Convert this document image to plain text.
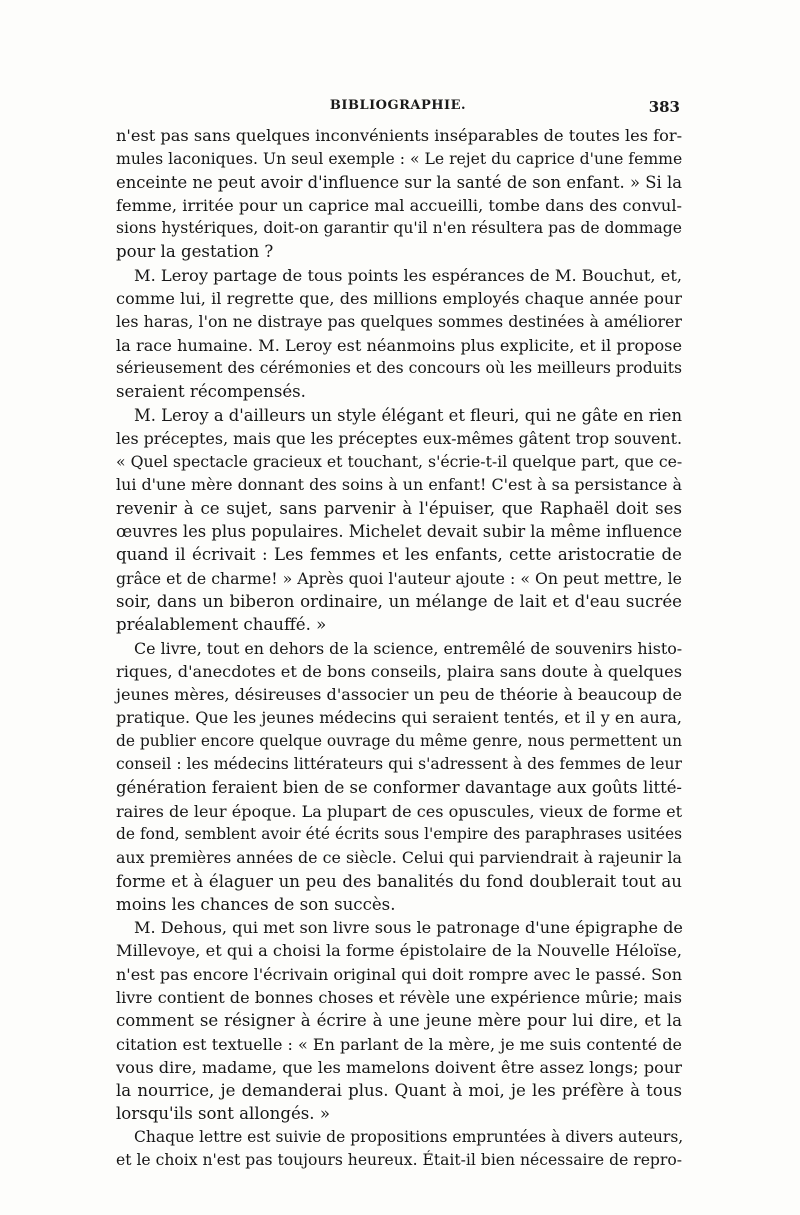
BIBLIOGRAPHIE.	383
n'est pas sans quelques inconvénients inséparables de toutes les for-
mules laconiques. Un seul exemple : « Le rejet du caprice d'une femme
enceinte ne peut avoir d'influence sur la santé de son enfant. » Si la
femme, irritée pour un caprice mal accueilli, tombe dans des convul-
sions hystériques, doit-on garantir qu'il n'en résultera pas de dommage
pour la gestation ?
M. Leroy partage de tous points les espérances de M. Bouchut, et,
comme lui, il regrette que, des millions employés chaque année pour
les haras, l'on ne distraye pas quelques sommes destinées à améliorer
la race humaine. M. Leroy est néanmoins plus explicite, et il propose
sérieusement des cérémonies et des concours où les meilleurs produits
seraient récompensés.
M. Leroy a d'ailleurs un style élégant et fleuri, qui ne gâte en rien
les préceptes, mais que les préceptes eux-mêmes gâtent trop souvent.
« Quel spectacle gracieux et touchant, s'écrie-t-il quelque part, que ce-
lui d'une mère donnant des soins à un enfant! C'est à sa persistance à
revenir à ce sujet, sans parvenir à l'épuiser, que Raphaël doit ses
œuvres les plus populaires. Michelet devait subir la même influence
quand il écrivait : Les femmes et les enfants, cette aristocratie de
grâce et de charme! » Après quoi l'auteur ajoute : « On peut mettre, le
soir, dans un biberon ordinaire, un mélange de lait et d'eau sucrée
préalablement chauffé. »
Ce livre, tout en dehors de la science, entremêlé de souvenirs histo-
riques, d'anecdotes et de bons conseils, plaira sans doute à quelques
jeunes mères, désireuses d'associer un peu de théorie à beaucoup de
pratique. Que les jeunes médecins qui seraient tentés, et il y en aura,
de publier encore quelque ouvrage du même genre, nous permettent un
conseil : les médecins littérateurs qui s'adressent à des femmes de leur
génération feraient bien de se conformer davantage aux goûts litté-
raires de leur époque. La plupart de ces opuscules, vieux de forme et
de fond, semblent avoir été écrits sous l'empire des paraphrases usitées
aux premières années de ce siècle. Celui qui parviendrait à rajeunir la
forme et à élaguer un peu des banalités du fond doublerait tout au
moins les chances de son succès.
M. Dehous, qui met son livre sous le patronage d'une épigraphe de
Millevoye, et qui a choisi la forme épistolaire de la Nouvelle Héloïse,
n'est pas encore l'écrivain original qui doit rompre avec le passé. Son
livre contient de bonnes choses et révèle une expérience mûrie; mais
comment se résigner à écrire à une jeune mère pour lui dire, et la
citation est textuelle : « En parlant de la mère, je me suis contenté de
vous dire, madame, que les mamelons doivent être assez longs; pour
la nourrice, je demanderai plus. Quant à moi, je les préfère à tous
lorsqu'ils sont allongés. »
Chaque lettre est suivie de propositions empruntées à divers auteurs,
et le choix n'est pas toujours heureux. Était-il bien nécessaire de repro-
